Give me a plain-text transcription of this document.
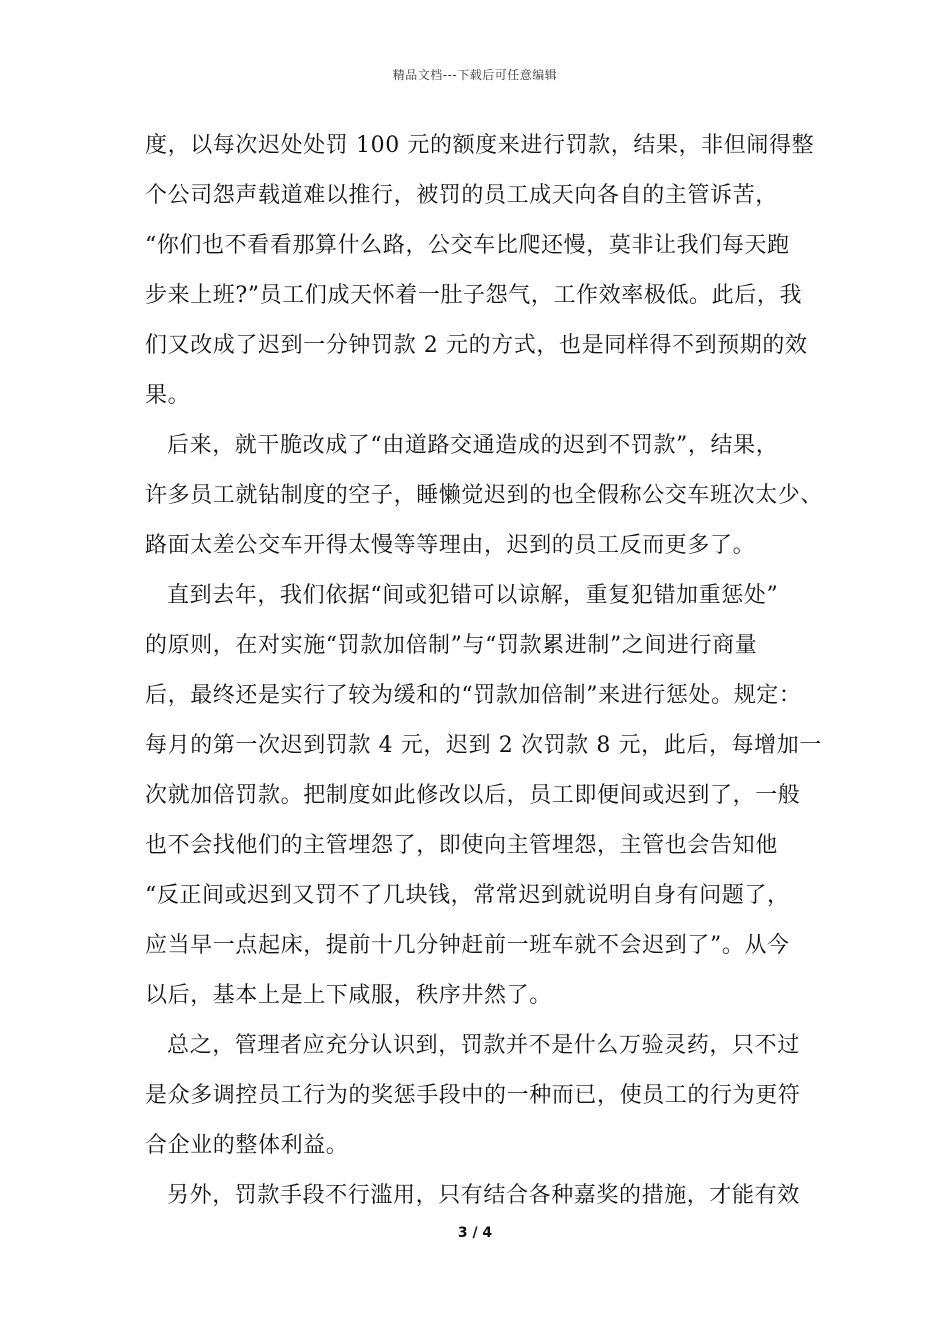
精品文档---下载后可任意编辑
度，以每次迟处处罚 100 元的额度来进行罚款，结果，非但闹得整
个公司怨声载道难以推行，被罚的员工成天向各自的主管诉苦，
“你们也不看看那算什么路，公交车比爬还慢，莫非让我们每天跑
步来上班?”员工们成天怀着一肚子怨气，工作效率极低。此后，我
们又改成了迟到一分钟罚款 2 元的方式，也是同样得不到预期的效
果。
后来，就干脆改成了“由道路交通造成的迟到不罚款”，结果，
许多员工就钻制度的空子，睡懒觉迟到的也全假称公交车班次太少、
路面太差公交车开得太慢等等理由，迟到的员工反而更多了。
直到去年，我们依据“间或犯错可以谅解，重复犯错加重惩处”
的原则，在对实施“罚款加倍制”与“罚款累进制”之间进行商量
后，最终还是实行了较为缓和的“罚款加倍制”来进行惩处。规定：
每月的第一次迟到罚款 4 元，迟到 2 次罚款 8 元，此后，每增加一
次就加倍罚款。把制度如此修改以后，员工即便间或迟到了，一般
也不会找他们的主管埋怨了，即使向主管埋怨，主管也会告知他
“反正间或迟到又罚不了几块钱，常常迟到就说明自身有问题了，
应当早一点起床，提前十几分钟赶前一班车就不会迟到了”。从今
以后，基本上是上下咸服，秩序井然了。
总之，管理者应充分认识到，罚款并不是什么万验灵药，只不过
是众多调控员工行为的奖惩手段中的一种而已，使员工的行为更符
合企业的整体利益。
另外，罚款手段不行滥用，只有结合各种嘉奖的措施，才能有效
3 / 4
